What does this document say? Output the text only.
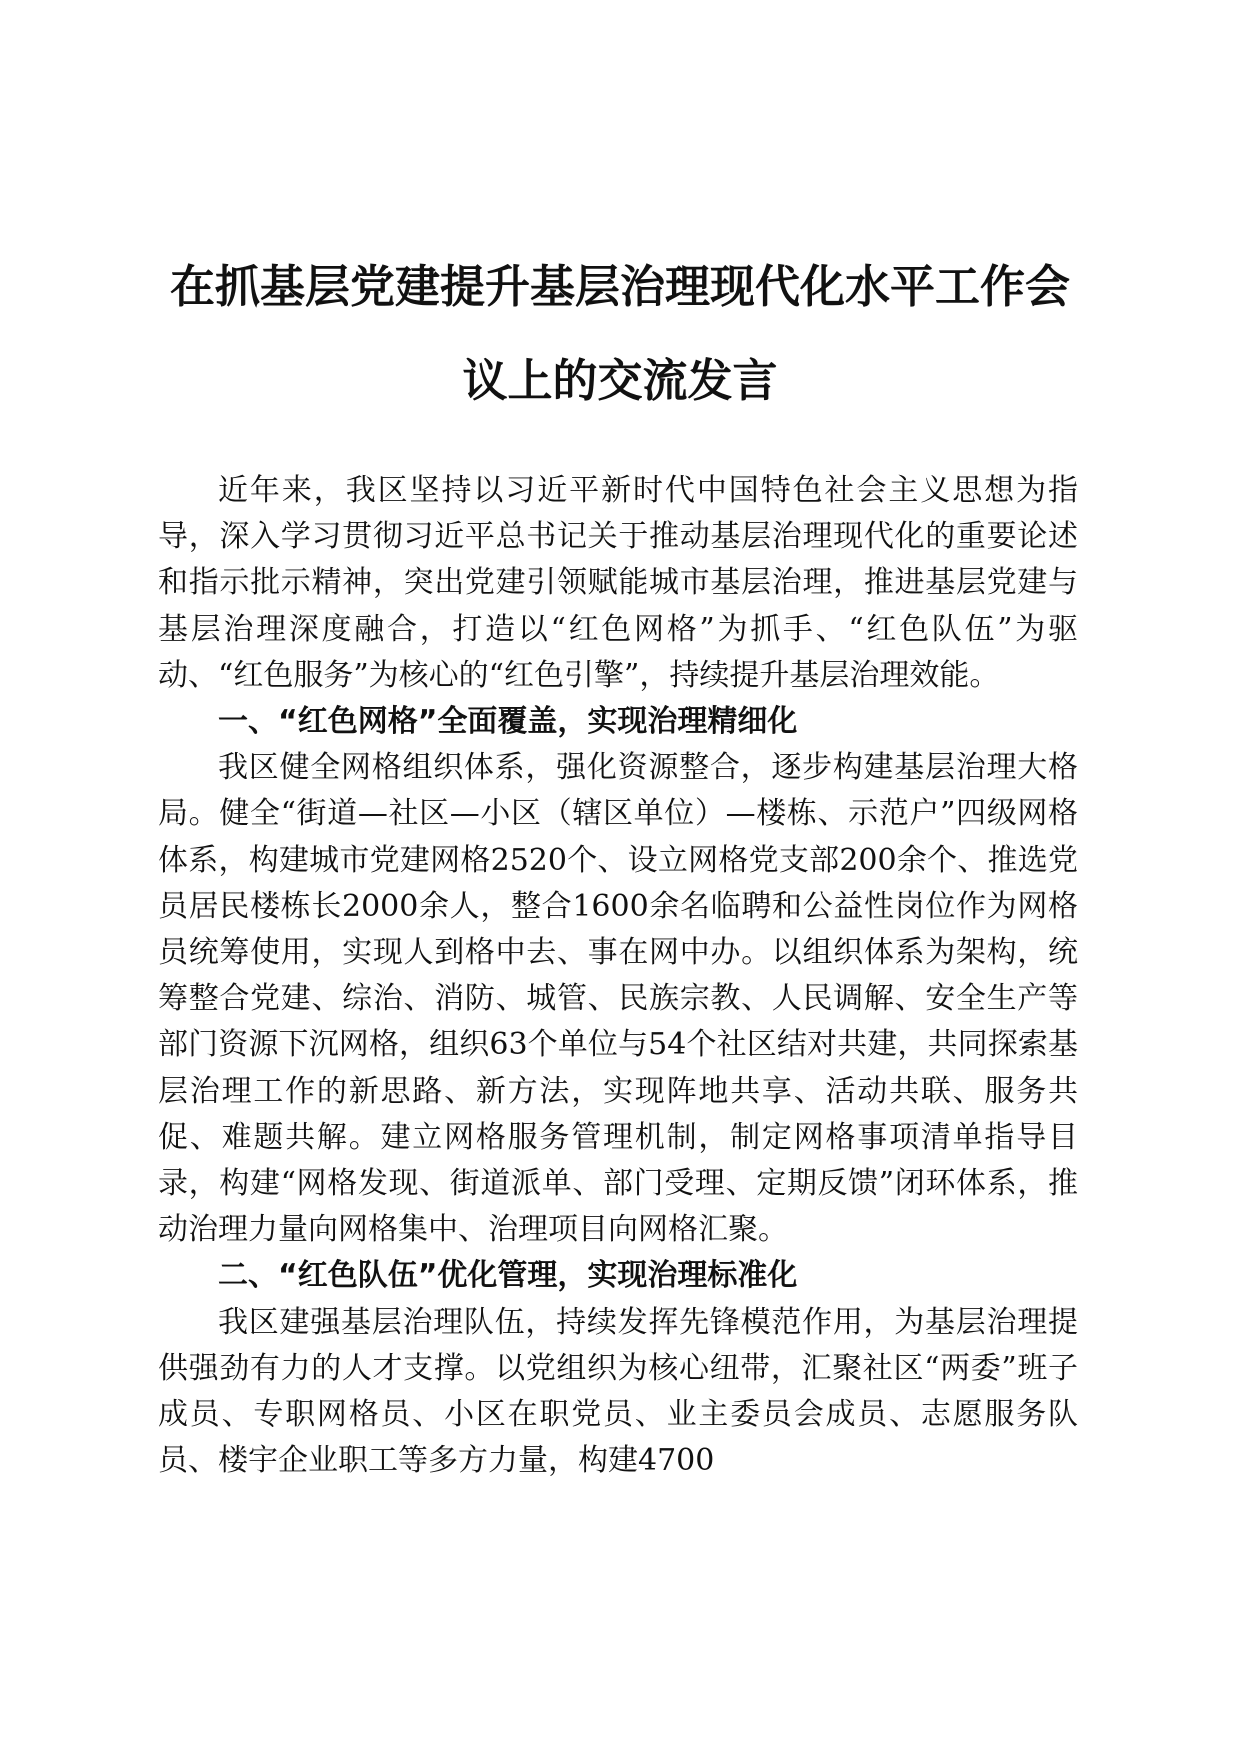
在抓基层党建提升基层治理现代化水平工作会
议上的交流发言

近年来，我区坚持以习近平新时代中国特色社会主义思想为指导，深入学习贯彻习近平总书记关于推动基层治理现代化的重要论述和指示批示精神，突出党建引领赋能城市基层治理，推进基层党建与基层治理深度融合，打造以“红色网格”为抓手、“红色队伍”为驱动、“红色服务”为核心的“红色引擎”，持续提升基层治理效能。

一、“红色网格”全面覆盖，实现治理精细化

我区健全网格组织体系，强化资源整合，逐步构建基层治理大格局。健全“街道—社区—小区（辖区单位）—楼栋、示范户”四级网格体系，构建城市党建网格2520个、设立网格党支部200余个、推选党员居民楼栋长2000余人，整合1600余名临聘和公益性岗位作为网格员统筹使用，实现人到格中去、事在网中办。以组织体系为架构，统筹整合党建、综治、消防、城管、民族宗教、人民调解、安全生产等部门资源下沉网格，组织63个单位与54个社区结对共建，共同探索基层治理工作的新思路、新方法，实现阵地共享、活动共联、服务共促、难题共解。建立网格服务管理机制，制定网格事项清单指导目录，构建“网格发现、街道派单、部门受理、定期反馈”闭环体系，推动治理力量向网格集中、治理项目向网格汇聚。

二、“红色队伍”优化管理，实现治理标准化

我区建强基层治理队伍，持续发挥先锋模范作用，为基层治理提供强劲有力的人才支撑。以党组织为核心纽带，汇聚社区“两委”班子成员、专职网格员、小区在职党员、业主委员会成员、志愿服务队员、楼宇企业职工等多方力量，构建4700
